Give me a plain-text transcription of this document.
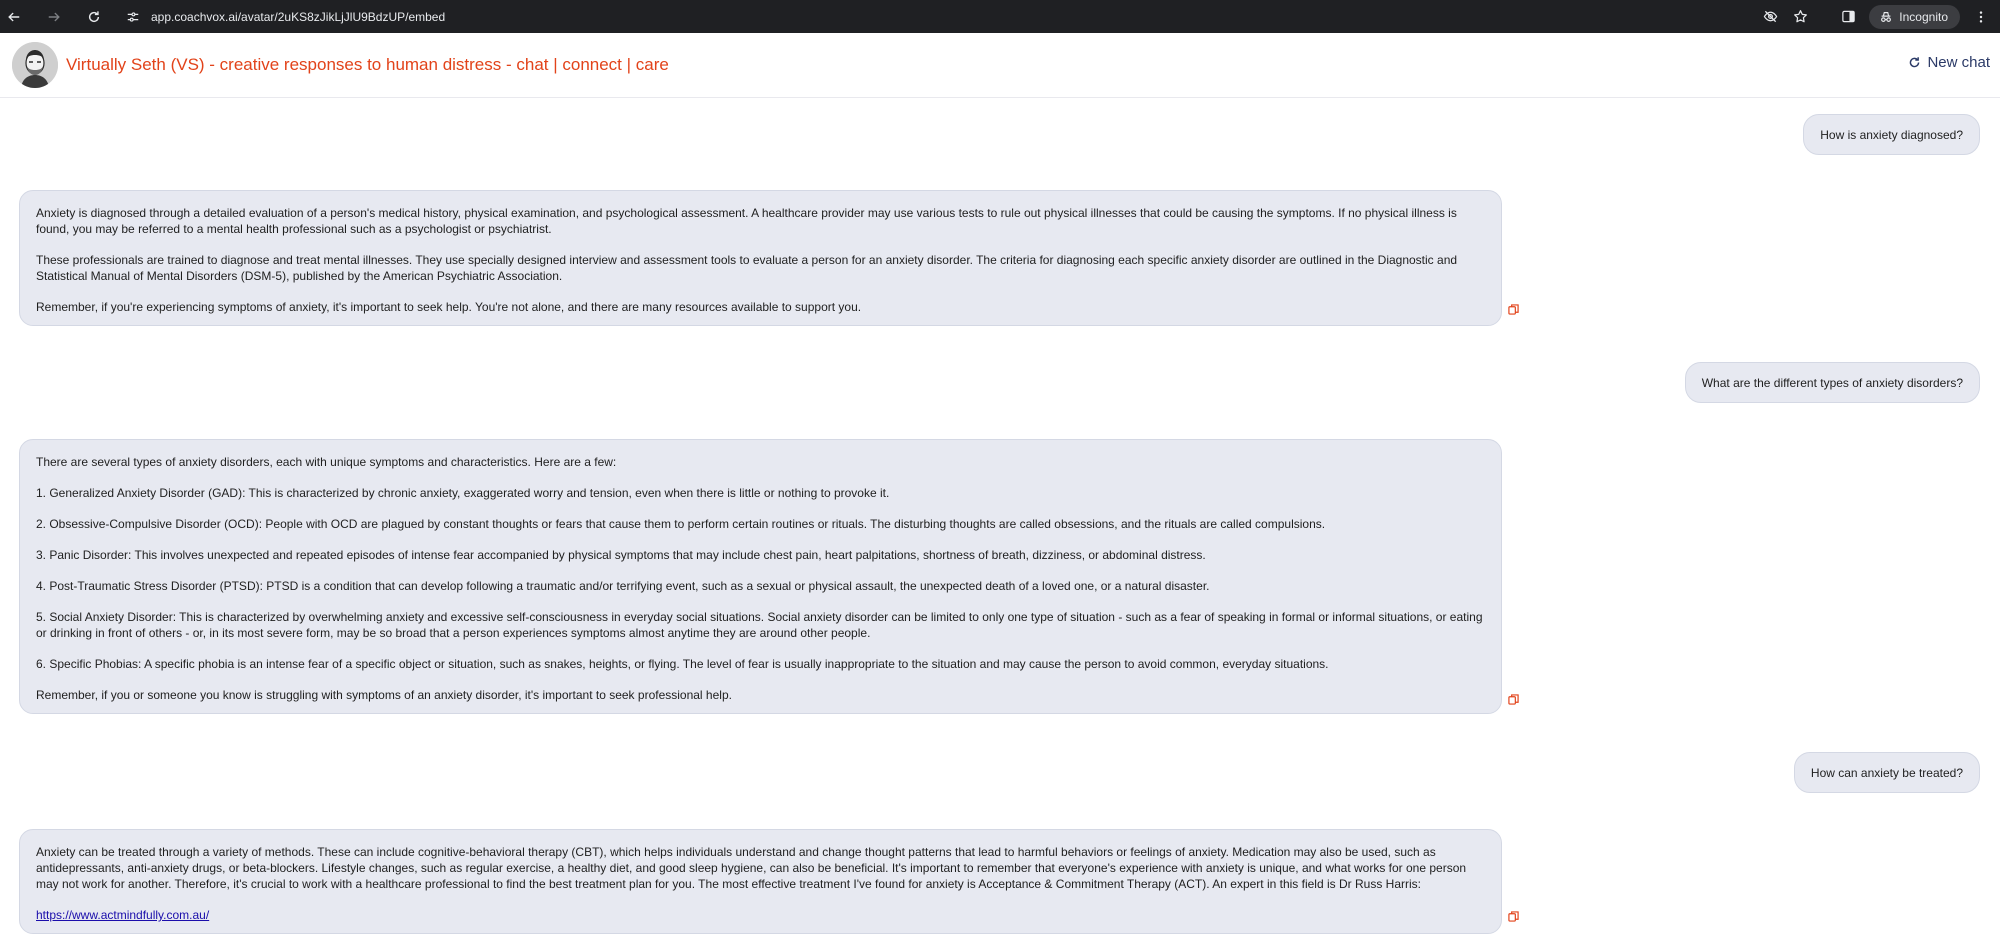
app.coachvox.ai/avatar/2uKS8zJikLjJlU9BdzUP/embed	Incognito
Virtually Seth (VS) - creative responses to human distress - chat | connect | care	New chat
How is anxiety diagnosed?

Anxiety is diagnosed through a detailed evaluation of a person's medical history, physical examination, and psychological assessment. A healthcare provider may use various tests to rule out physical illnesses that could be causing the symptoms. If no physical illness is found, you may be referred to a mental health professional such as a psychologist or psychiatrist.

These professionals are trained to diagnose and treat mental illnesses. They use specially designed interview and assessment tools to evaluate a person for an anxiety disorder. The criteria for diagnosing each specific anxiety disorder are outlined in the Diagnostic and Statistical Manual of Mental Disorders (DSM-5), published by the American Psychiatric Association.

Remember, if you're experiencing symptoms of anxiety, it's important to seek help. You're not alone, and there are many resources available to support you.

What are the different types of anxiety disorders?

There are several types of anxiety disorders, each with unique symptoms and characteristics. Here are a few:

1. Generalized Anxiety Disorder (GAD): This is characterized by chronic anxiety, exaggerated worry and tension, even when there is little or nothing to provoke it.

2. Obsessive-Compulsive Disorder (OCD): People with OCD are plagued by constant thoughts or fears that cause them to perform certain routines or rituals. The disturbing thoughts are called obsessions, and the rituals are called compulsions.

3. Panic Disorder: This involves unexpected and repeated episodes of intense fear accompanied by physical symptoms that may include chest pain, heart palpitations, shortness of breath, dizziness, or abdominal distress.

4. Post-Traumatic Stress Disorder (PTSD): PTSD is a condition that can develop following a traumatic and/or terrifying event, such as a sexual or physical assault, the unexpected death of a loved one, or a natural disaster.

5. Social Anxiety Disorder: This is characterized by overwhelming anxiety and excessive self-consciousness in everyday social situations. Social anxiety disorder can be limited to only one type of situation - such as a fear of speaking in formal or informal situations, or eating or drinking in front of others - or, in its most severe form, may be so broad that a person experiences symptoms almost anytime they are around other people.

6. Specific Phobias: A specific phobia is an intense fear of a specific object or situation, such as snakes, heights, or flying. The level of fear is usually inappropriate to the situation and may cause the person to avoid common, everyday situations.

Remember, if you or someone you know is struggling with symptoms of an anxiety disorder, it's important to seek professional help.

How can anxiety be treated?

Anxiety can be treated through a variety of methods. These can include cognitive-behavioral therapy (CBT), which helps individuals understand and change thought patterns that lead to harmful behaviors or feelings of anxiety. Medication may also be used, such as antidepressants, anti-anxiety drugs, or beta-blockers. Lifestyle changes, such as regular exercise, a healthy diet, and good sleep hygiene, can also be beneficial. It's important to remember that everyone's experience with anxiety is unique, and what works for one person may not work for another. Therefore, it's crucial to work with a healthcare professional to find the best treatment plan for you. The most effective treatment I've found for anxiety is Acceptance & Commitment Therapy (ACT). An expert in this field is Dr Russ Harris:

https://www.actmindfully.com.au/
